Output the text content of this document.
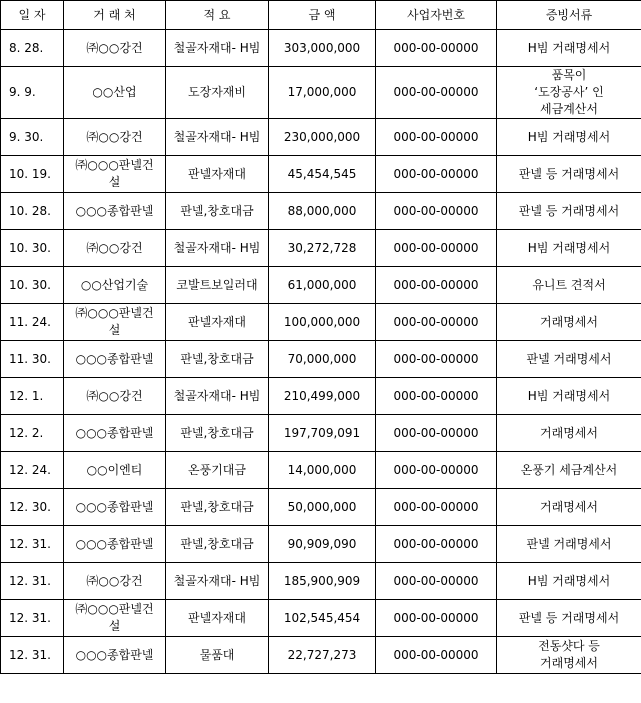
일 자	거 래 처	적 요	금 액	사업자번호	증빙서류
8. 28.	㈜○○강건	철골자재대- H빔	303,000,000	000-00-00000	H빔 거래명세서
9. 9.	○○산업	도장자재비	17,000,000	000-00-00000	품목이
‘도장공사’ 인
세금계산서
9. 30.	㈜○○강건	철골자재대- H빔	230,000,000	000-00-00000	H빔 거래명세서
10. 19.	㈜○○○판넬건
설	판넬자재대	45,454,545	000-00-00000	판넬 등 거래명세서
10. 28.	○○○종합판넬	판넬,창호대금	88,000,000	000-00-00000	판넬 등 거래명세서
10. 30.	㈜○○강건	철골자재대- H빔	30,272,728	000-00-00000	H빔 거래명세서
10. 30.	○○산업기술	코발트보일러대	61,000,000	000-00-00000	유니트 견적서
11. 24.	㈜○○○판넬건
설	판넬자재대	100,000,000	000-00-00000	거래명세서
11. 30.	○○○종합판넬	판넬,창호대금	70,000,000	000-00-00000	판넬 거래명세서
12. 1.	㈜○○강건	철골자재대- H빔	210,499,000	000-00-00000	H빔 거래명세서
12. 2.	○○○종합판넬	판넬,창호대금	197,709,091	000-00-00000	거래명세서
12. 24.	○○이엔티	온풍기대금	14,000,000	000-00-00000	온풍기 세금계산서
12. 30.	○○○종합판넬	판넬,창호대금	50,000,000	000-00-00000	거래명세서
12. 31.	○○○종합판넬	판넬,창호대금	90,909,090	000-00-00000	판넬 거래명세서
12. 31.	㈜○○강건	철골자재대- H빔	185,900,909	000-00-00000	H빔 거래명세서
12. 31.	㈜○○○판넬건
설	판넬자재대	102,545,454	000-00-00000	판넬 등 거래명세서
12. 31.	○○○종합판넬	물품대	22,727,273	000-00-00000	전동샷다 등
거래명세서
